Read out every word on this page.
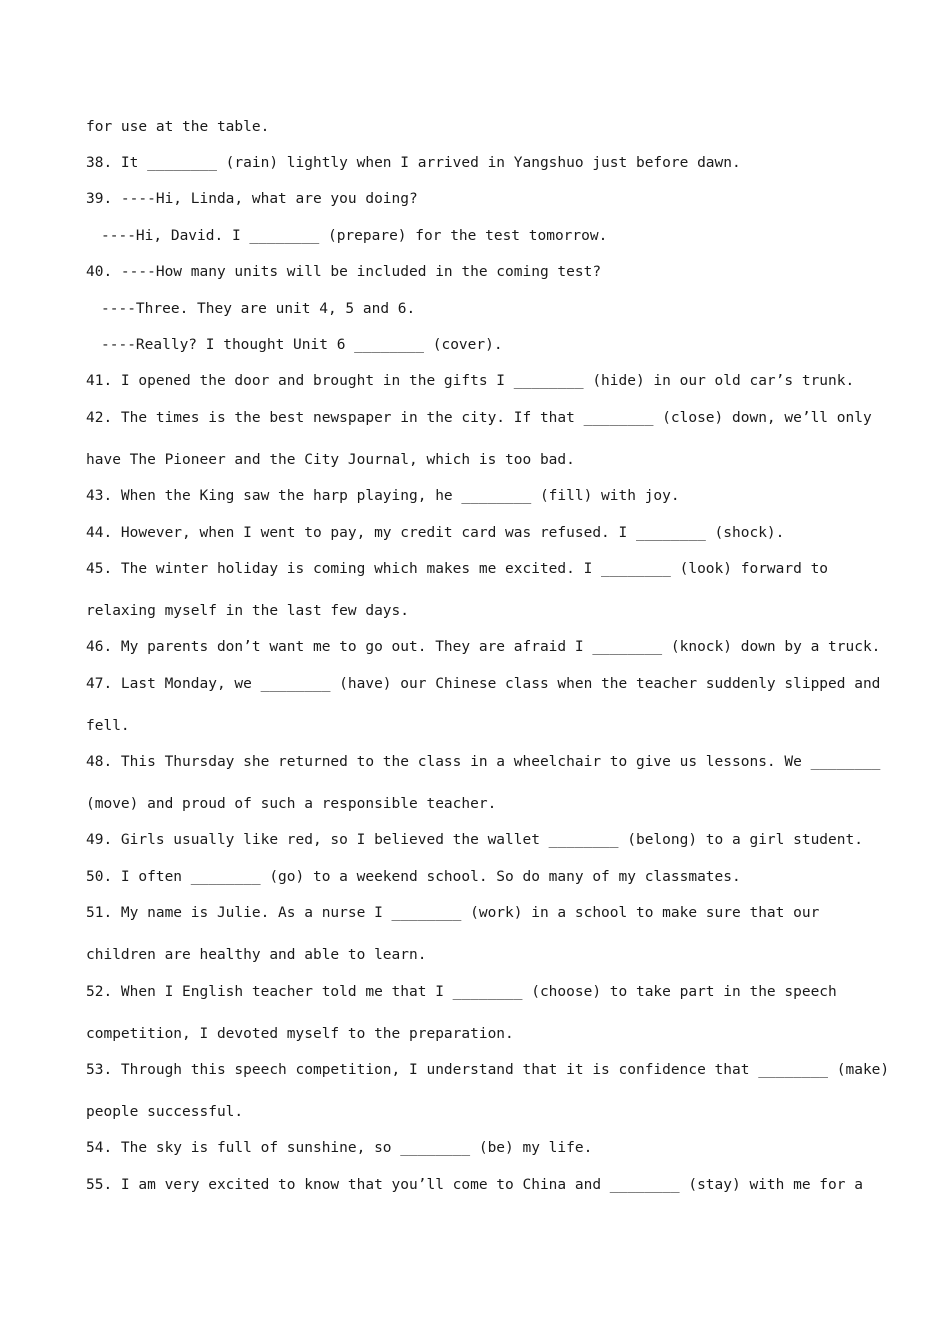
for use at the table.
38. It ________ (rain) lightly when I arrived in Yangshuo just before dawn.
39. ----Hi, Linda, what are you doing?
----Hi, David. I ________ (prepare) for the test tomorrow.
40. ----How many units will be included in the coming test?
----Three. They are unit 4, 5 and 6.
----Really? I thought Unit 6 ________ (cover).
41. I opened the door and brought in the gifts I ________ (hide) in our old car’s trunk.
42. The times is the best newspaper in the city. If that ________ (close) down, we’ll only
have The Pioneer and the City Journal, which is too bad.
43. When the King saw the harp playing, he ________ (fill) with joy.
44. However, when I went to pay, my credit card was refused. I ________ (shock).
45. The winter holiday is coming which makes me excited. I ________ (look) forward to
relaxing myself in the last few days.
46. My parents don’t want me to go out. They are afraid I ________ (knock) down by a truck.
47. Last Monday, we ________ (have) our Chinese class when the teacher suddenly slipped and
fell.
48. This Thursday she returned to the class in a wheelchair to give us lessons. We ________
(move) and proud of such a responsible teacher.
49. Girls usually like red, so I believed the wallet ________ (belong) to a girl student.
50. I often ________ (go) to a weekend school. So do many of my classmates.
51. My name is Julie. As a nurse I ________ (work) in a school to make sure that our
children are healthy and able to learn.
52. When I English teacher told me that I ________ (choose) to take part in the speech
competition, I devoted myself to the preparation.
53. Through this speech competition, I understand that it is confidence that ________ (make)
people successful.
54. The sky is full of sunshine, so ________ (be) my life.
55. I am very excited to know that you’ll come to China and ________ (stay) with me for a
